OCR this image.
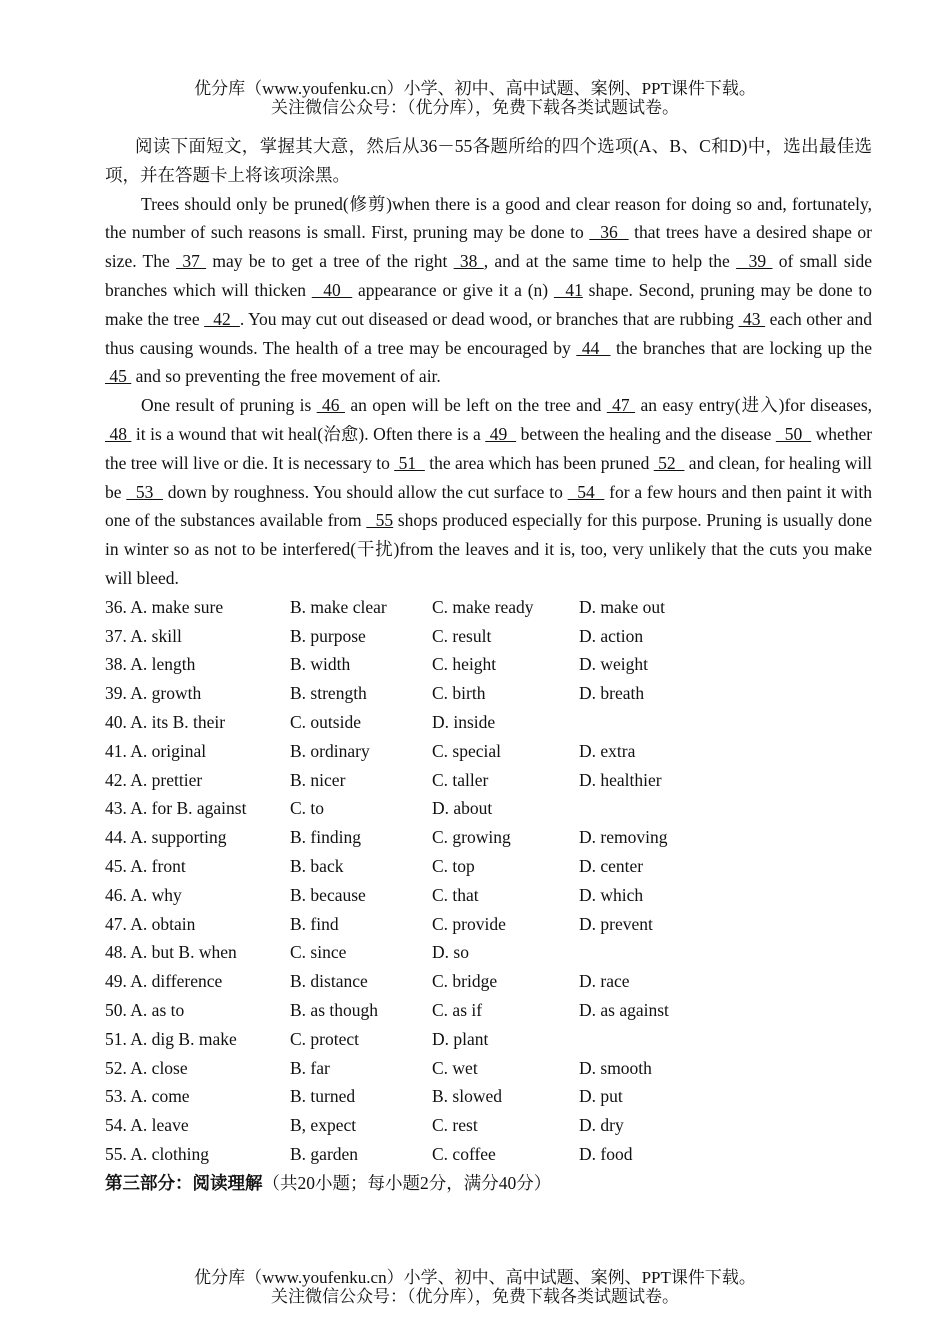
优分库（www.youfenku.cn）小学、初中、高中试题、案例、PPT课件下载。
关注微信公众号：（优分库），免费下载各类试题试卷。

阅读下面短文，掌握其大意，然后从36－55各题所给的四个选项(A、B、C和D)中，选出最佳选项，并在答题卡上将该项涂黑。

Trees should only be pruned(修剪)when there is a good and clear reason for doing so and, fortunately, the number of such reasons is small. First, pruning may be done to   36   that trees have a desired shape or size. The  37  may be to get a tree of the right  38 , and at the same time to help the   39  of small side branches which will thicken   40   appearance or give it a (n)   41 shape. Second, pruning may be done to make the tree   42  . You may cut out diseased or dead wood, or branches that are rubbing  43  each other and thus causing wounds. The health of a tree may be encouraged by  44   the branches that are locking up the  45  and so preventing the free movement of air.

One result of pruning is  46  an open will be left on the tree and  47  an easy entry(进入)for diseases,  48  it is a wound that wit heal(治愈). Often there is a  49   between the healing and the disease   50   whether the tree will live or die. It is necessary to  51   the area which has been pruned  52   and clean, for healing will be   53   down by roughness. You should allow the cut surface to   54   for a few hours and then paint it with one of the substances available from   55 shops produced especially for this purpose. Pruning is usually done in winter so as not to be interfered(干扰)from the leaves and it is, too, very unlikely that the cuts you make will bleed.

36. A. make sure	B. make clear	C. make ready	D. make out
37. A. skill	B. purpose	C. result	D. action
38. A. length	B. width	C. height	D. weight
39. A. growth	B. strength	C. birth	D. breath
40. A. its B. their	C. outside	D. inside
41. A. original	B. ordinary	C. special	D. extra
42. A. prettier	B. nicer	C. taller	D. healthier
43. A. for B. against	C. to	D. about
44. A. supporting	B. finding	C. growing	D. removing
45. A. front	B. back	C. top	D. center
46. A. why	B. because	C. that	D. which
47. A. obtain	B. find	C. provide	D. prevent
48. A. but B. when	C. since	D. so
49. A. difference	B. distance	C. bridge	D. race
50. A. as to	B. as though	C. as if	D. as against
51. A. dig B. make	C. protect	D. plant
52. A. close	B. far	C. wet	D. smooth
53. A. come	B. turned	B. slowed	D. put
54. A. leave	B, expect	C. rest	D. dry
55. A. clothing	B. garden	C. coffee	D. food
第三部分：阅读理解（共20小题；每小题2分，满分40分）
优分库（www.youfenku.cn）小学、初中、高中试题、案例、PPT课件下载。
关注微信公众号：（优分库），免费下载各类试题试卷。
